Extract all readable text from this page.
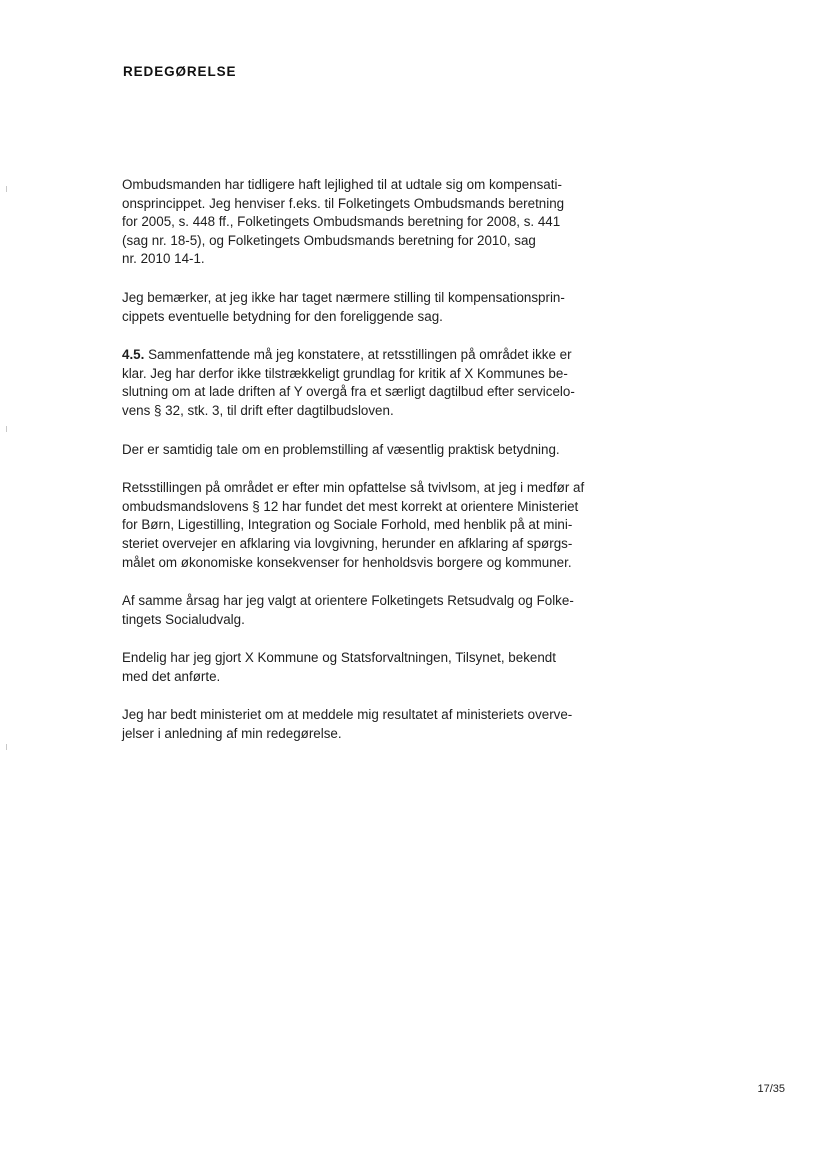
REDEGØRELSE

Ombudsmanden har tidligere haft lejlighed til at udtale sig om kompensati-
onsprincippet. Jeg henviser f.eks. til Folketingets Ombudsmands beretning
for 2005, s. 448 ff., Folketingets Ombudsmands beretning for 2008, s. 441
(sag nr. 18-5), og Folketingets Ombudsmands beretning for 2010, sag
nr. 2010 14-1.

Jeg bemærker, at jeg ikke har taget nærmere stilling til kompensationsprin-
cippets eventuelle betydning for den foreliggende sag.

4.5. Sammenfattende må jeg konstatere, at retsstillingen på området ikke er
klar. Jeg har derfor ikke tilstrækkeligt grundlag for kritik af X Kommunes be-
slutning om at lade driften af Y overgå fra et særligt dagtilbud efter servicelo-
vens § 32, stk. 3, til drift efter dagtilbudsloven.

Der er samtidig tale om en problemstilling af væsentlig praktisk betydning.

Retsstillingen på området er efter min opfattelse så tvivlsom, at jeg i medfør af
ombudsmandslovens § 12 har fundet det mest korrekt at orientere Ministeriet
for Børn, Ligestilling, Integration og Sociale Forhold, med henblik på at mini-
steriet overvejer en afklaring via lovgivning, herunder en afklaring af spørgs-
målet om økonomiske konsekvenser for henholdsvis borgere og kommuner.

Af samme årsag har jeg valgt at orientere Folketingets Retsudvalg og Folke-
tingets Socialudvalg.

Endelig har jeg gjort X Kommune og Statsforvaltningen, Tilsynet, bekendt
med det anførte.

Jeg har bedt ministeriet om at meddele mig resultatet af ministeriets overve-
jelser i anledning af min redegørelse.

17/35
